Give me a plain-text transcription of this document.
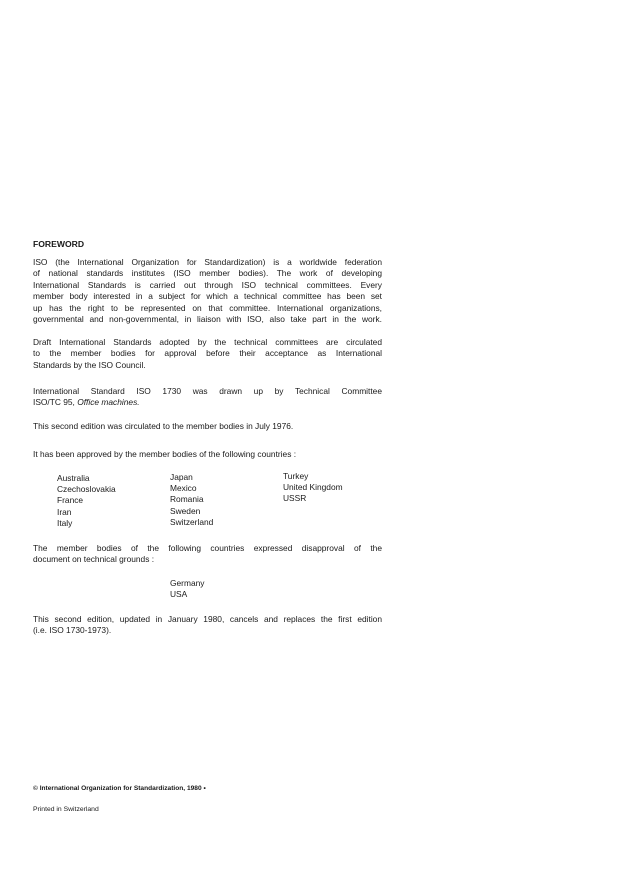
FOREWORD
ISO (the International Organization for Standardization) is a worldwide federation
of national standards institutes (ISO member bodies). The work of developing
International Standards is carried out through ISO technical committees. Every
member body interested in a subject for which a technical committee has been set
up has the right to be represented on that committee. International organizations,
governmental and non-governmental, in liaison with ISO, also take part in the work.
Draft International Standards adopted by the technical committees are circulated
to the member bodies for approval before their acceptance as International
Standards by the ISO Council.
International Standard ISO 1730 was drawn up by Technical Committee
ISO/TC 95, Office machines.
This second edition was circulated to the member bodies in July 1976.
It has been approved by the member bodies of the following countries :
Australia
Czechoslovakia
France
Iran
Italy
Japan
Mexico
Romania
Sweden
Switzerland
Turkey
United Kingdom
USSR
The member bodies of the following countries expressed disapproval of the
document on technical grounds :
Germany
USA
This second edition, updated in January 1980, cancels and replaces the first edition
(i.e. ISO 1730-1973).
© International Organization for Standardization, 1980 •
Printed in Switzerland
